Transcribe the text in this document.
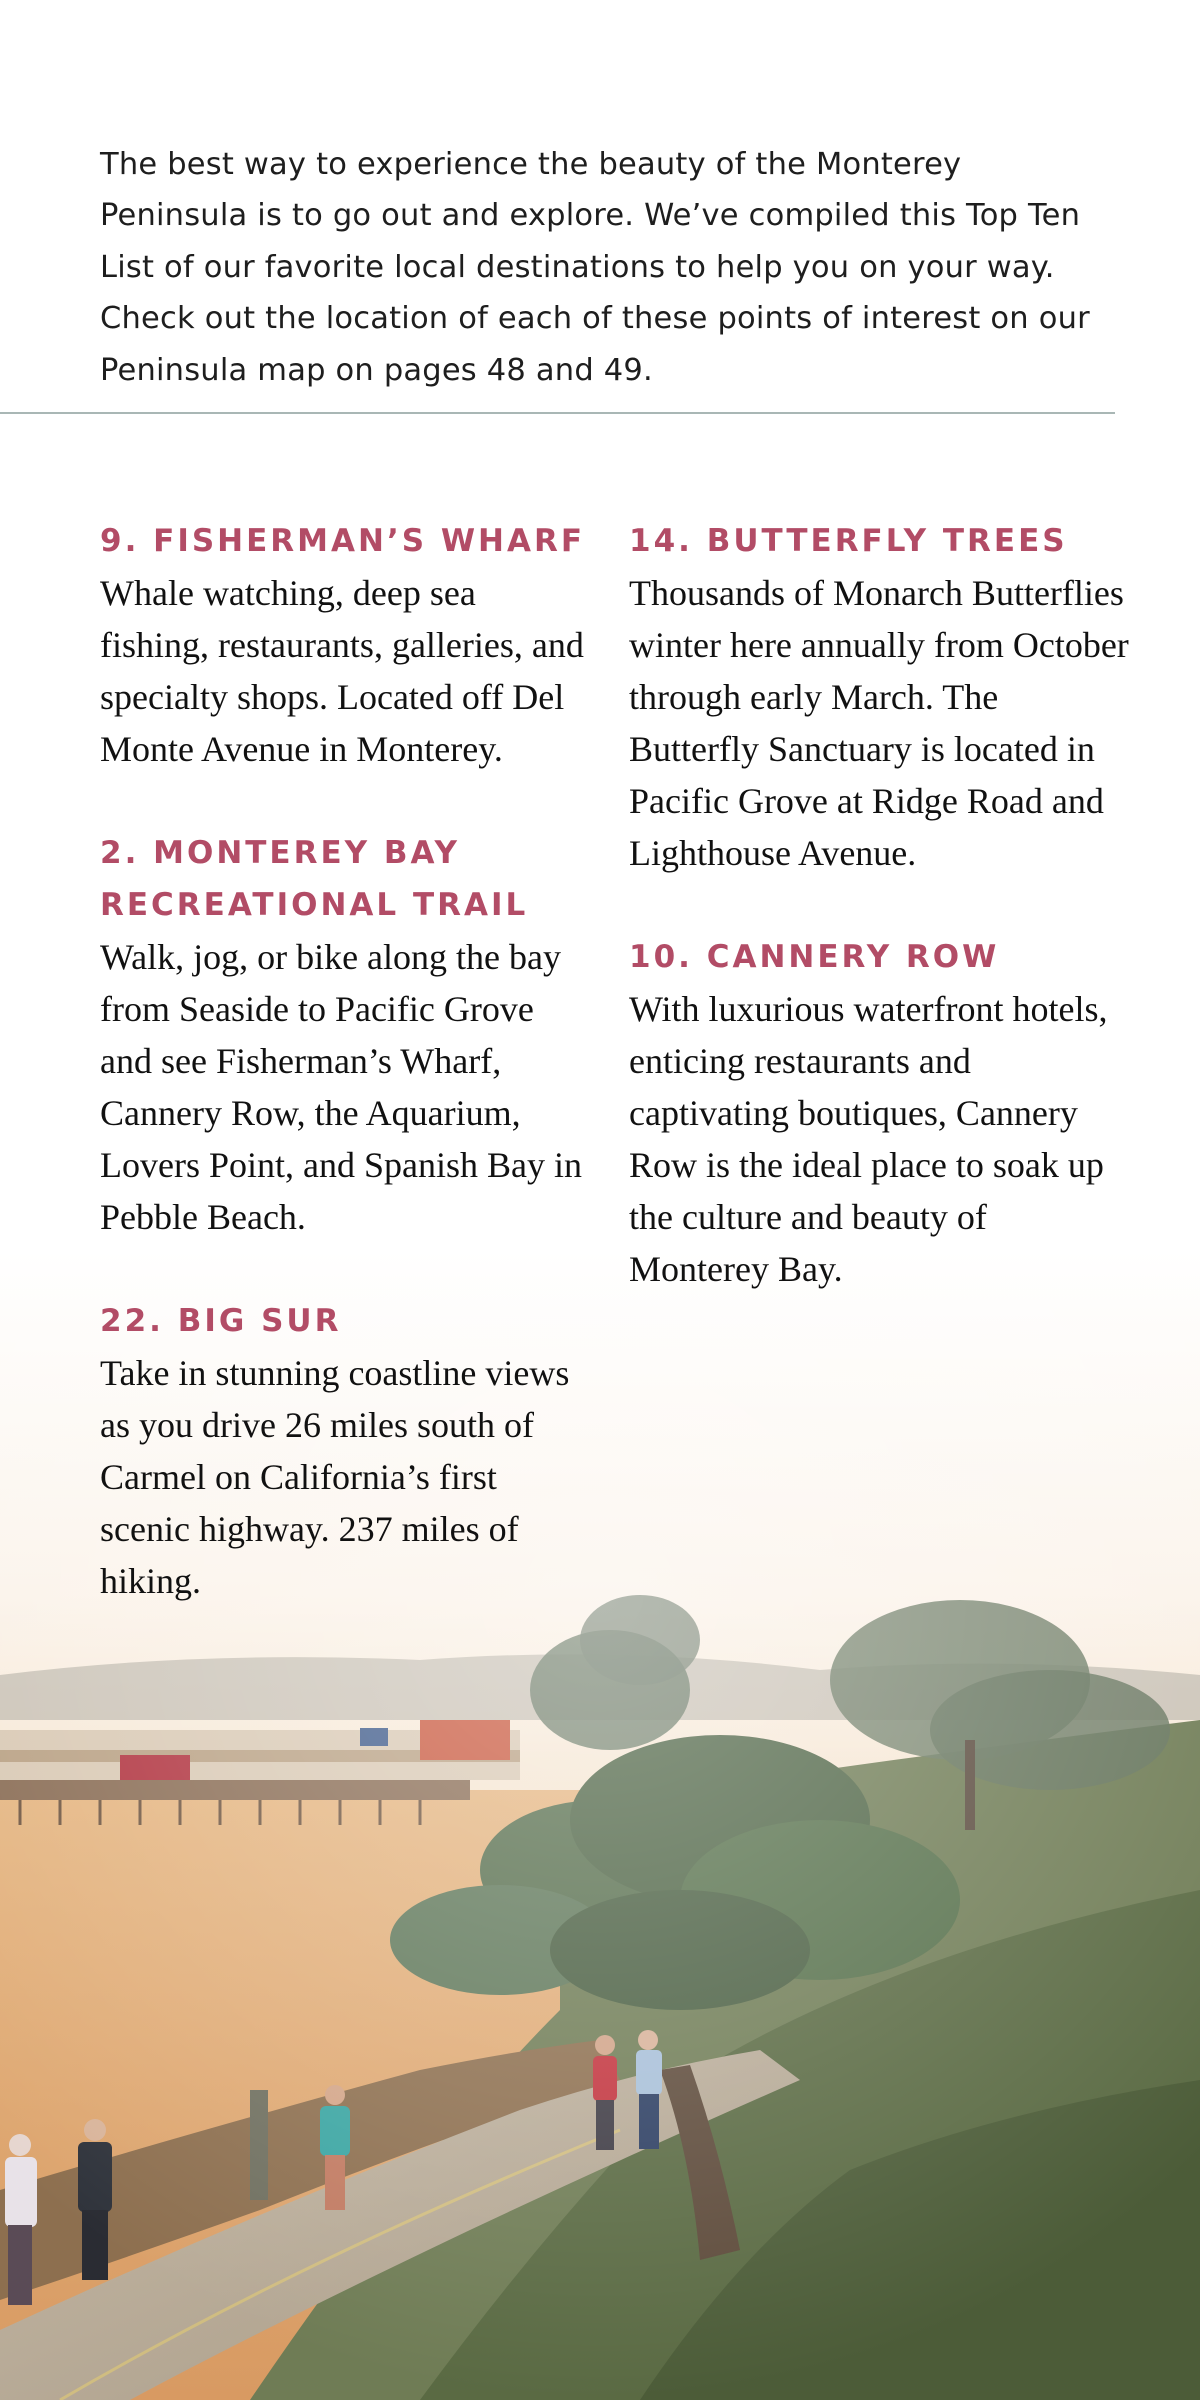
The best way to experience the beauty of the Monterey Peninsula is to go out and explore. We’ve compiled this Top Ten List of our favorite local destinations to help you on your way. Check out the location of each of these points of interest on our Peninsula map on pages 48 and 49.

9. FISHERMAN’S WHARF

Whale watching, deep sea fishing, restaurants, galleries, and specialty shops. Located off Del Monte Avenue in Monterey.

2. MONTEREY BAY RECREATIONAL TRAIL

Walk, jog, or bike along the bay from Seaside to Pacific Grove and see Fisherman’s Wharf, Cannery Row, the Aquarium, Lovers Point, and Spanish Bay in Pebble Beach.

22. BIG SUR

Take in stunning coastline views as you drive 26 miles south of Carmel on California’s first scenic highway. 237 miles of hiking.

14. BUTTERFLY TREES

Thousands of Monarch Butterflies winter here annually from October through early March. The Butterfly Sanctuary is located in Pacific Grove at Ridge Road and Lighthouse Avenue.

10. CANNERY ROW

With luxurious waterfront hotels, enticing restaurants and captivating boutiques, Cannery Row is the ideal place to soak up the culture and beauty of Monterey Bay.
